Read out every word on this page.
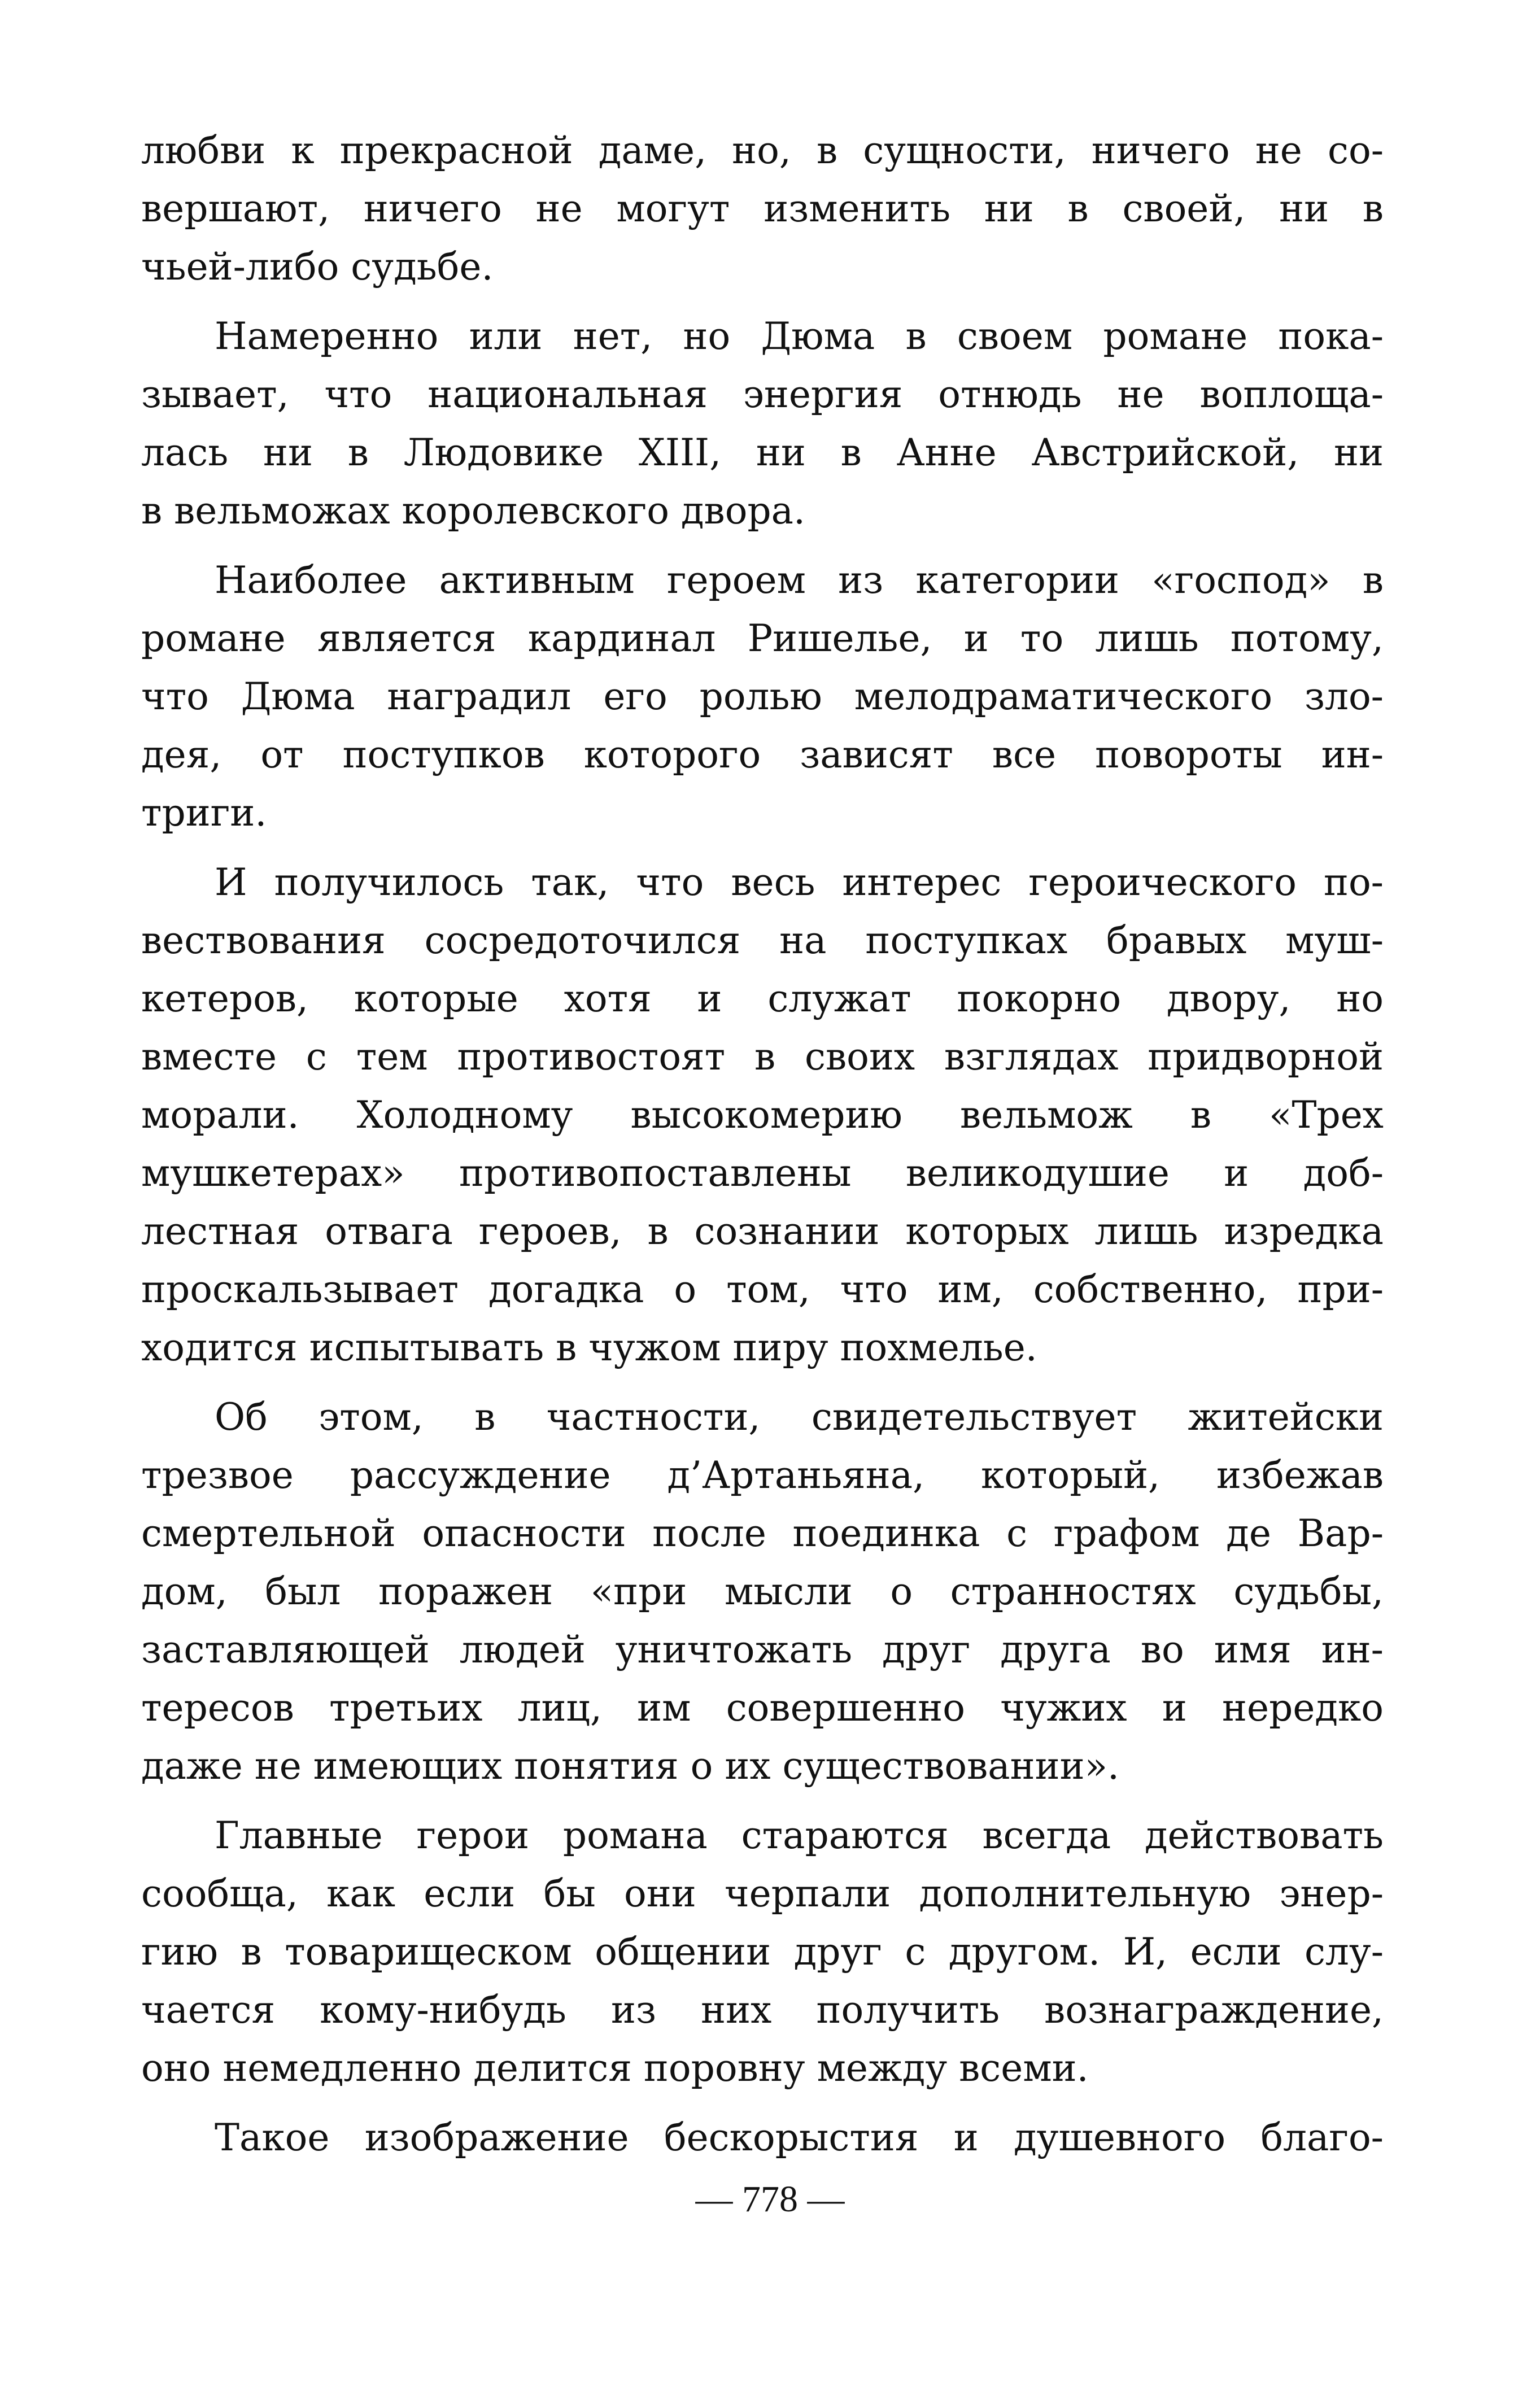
любви к прекрасной даме, но, в сущности, ничего не со-
вершают, ничего не могут изменить ни в своей, ни в
чьей-либо судьбе.
Намеренно или нет, но Дюма в своем романе пока-
зывает, что национальная энергия отнюдь не воплоща-
лась ни в Людовике XIII, ни в Анне Австрийской, ни
в вельможах королевского двора.
Наиболее активным героем из категории «господ» в
романе является кардинал Ришелье, и то лишь потому,
что Дюма наградил его ролью мелодраматического зло-
дея, от поступков которого зависят все повороты ин-
триги.
И получилось так, что весь интерес героического по-
вествования сосредоточился на поступках бравых муш-
кетеров, которые хотя и служат покорно двору, но
вместе с тем противостоят в своих взглядах придворной
морали. Холодному высокомерию вельмож в «Трех
мушкетерах» противопоставлены великодушие и доб-
лестная отвага героев, в сознании которых лишь изредка
проскальзывает догадка о том, что им, собственно, при-
ходится испытывать в чужом пиру похмелье.
Об этом, в частности, свидетельствует житейски
трезвое рассуждение д’Артаньяна, который, избежав
смертельной опасности после поединка с графом де Вар-
дом, был поражен «при мысли о странностях судьбы,
заставляющей людей уничтожать друг друга во имя ин-
тересов третьих лиц, им совершенно чужих и нередко
даже не имеющих понятия о их существовании».
Главные герои романа стараются всегда действовать
сообща, как если бы они черпали дополнительную энер-
гию в товарищеском общении друг с другом. И, если слу-
чается кому-нибудь из них получить вознаграждение,
оно немедленно делится поровну между всеми.
Такое изображение бескорыстия и душевного благо-
— 778 —
